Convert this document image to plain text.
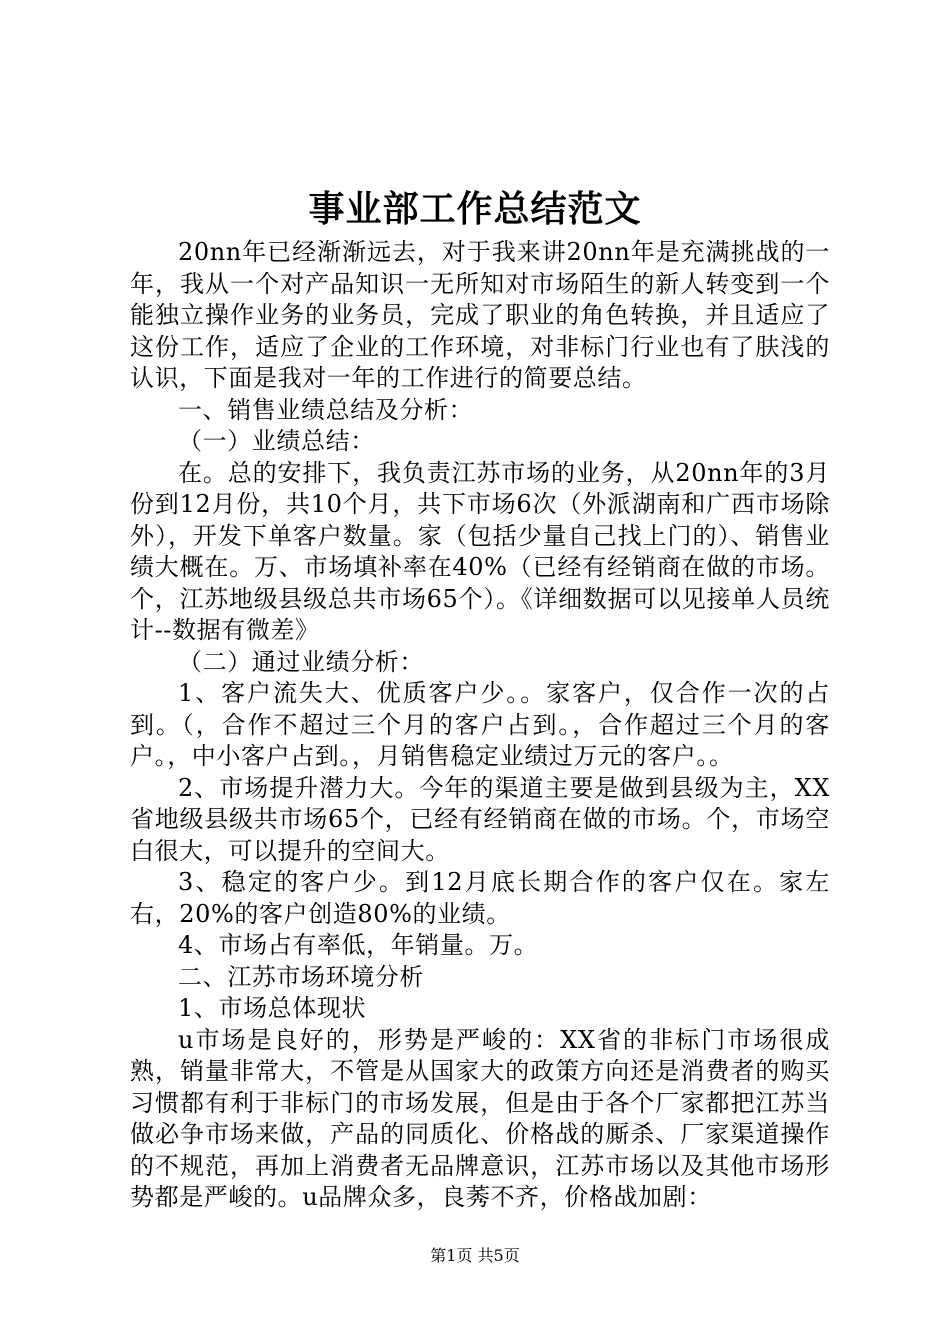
事业部工作总结范文

20nn年已经渐渐远去，对于我来讲20nn年是充满挑战的一年，我从一个对产品知识一无所知对市场陌生的新人转变到一个能独立操作业务的业务员，完成了职业的角色转换，并且适应了这份工作，适应了企业的工作环境，对非标门行业也有了肤浅的认识，下面是我对一年的工作进行的简要总结。

一、销售业绩总结及分析：

（一）业绩总结：

在。总的安排下，我负责江苏市场的业务，从20nn年的3月份到12月份，共10个月，共下市场6次（外派湖南和广西市场除外），开发下单客户数量。家（包括少量自己找上门的）、销售业绩大概在。万、市场填补率在40%（已经有经销商在做的市场。个，江苏地级县级总共市场65个）。《详细数据可以见接单人员统计--数据有微差》

（二）通过业绩分析：

1、客户流失大、优质客户少。。家客户，仅合作一次的占到。（，合作不超过三个月的客户占到。，合作超过三个月的客户。，中小客户占到。，月销售稳定业绩过万元的客户。。

2、市场提升潜力大。今年的渠道主要是做到县级为主，XX省地级县级共市场65个，已经有经销商在做的市场。个，市场空白很大，可以提升的空间大。

3、稳定的客户少。到12月底长期合作的客户仅在。家左右，20%的客户创造80%的业绩。

4、市场占有率低，年销量。万。

二、江苏市场环境分析

1、市场总体现状

u市场是良好的，形势是严峻的：XX省的非标门市场很成熟，销量非常大，不管是从国家大的政策方向还是消费者的购买习惯都有利于非标门的市场发展，但是由于各个厂家都把江苏当做必争市场来做，产品的同质化、价格战的厮杀、厂家渠道操作的不规范，再加上消费者无品牌意识，江苏市场以及其他市场形势都是严峻的。u品牌众多，良莠不齐，价格战加剧：

第1页 共5页
